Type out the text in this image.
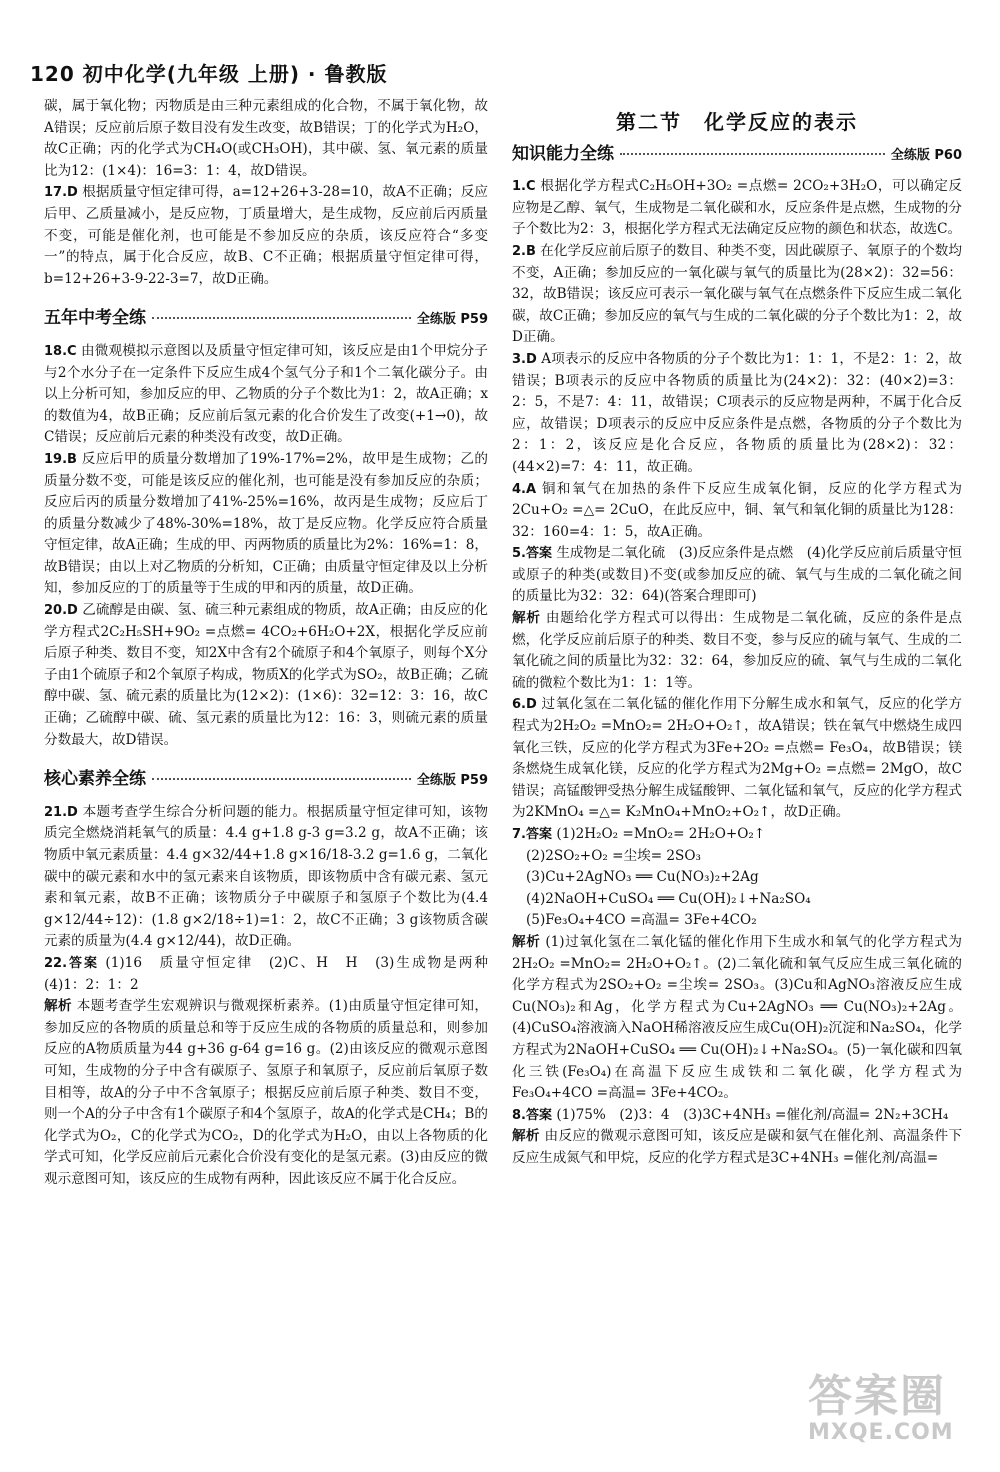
120 初中化学(九年级 上册) · 鲁教版

碳，属于氧化物；丙物质是由三种元素组成的化合物，不属于氧化物，故A错误；反应前后原子数目没有发生改变，故B错误；丁的化学式为H₂O，故C正确；丙的化学式为CH₄O(或CH₃OH)，其中碳、氢、氧元素的质量比为12：(1×4)：16=3：1：4，故D错误。

17.D 根据质量守恒定律可得，a=12+26+3-28=10，故A不正确；反应后甲、乙质量减小，是反应物，丁质量增大，是生成物，反应前后丙质量不变，可能是催化剂，也可能是不参加反应的杂质，该反应符合“多变一”的特点，属于化合反应，故B、C不正确；根据质量守恒定律可得，b=12+26+3-9-22-3=7，故D正确。

五年中考全练	全练版 P59

18.C 由微观模拟示意图以及质量守恒定律可知，该反应是由1个甲烷分子与2个水分子在一定条件下反应生成4个氢气分子和1个二氧化碳分子。由以上分析可知，参加反应的甲、乙物质的分子个数比为1：2，故A正确；x的数值为4，故B正确；反应前后氢元素的化合价发生了改变(+1→0)，故C错误；反应前后元素的种类没有改变，故D正确。

19.B 反应后甲的质量分数增加了19%-17%=2%，故甲是生成物；乙的质量分数不变，可能是该反应的催化剂，也可能是没有参加反应的杂质；反应后丙的质量分数增加了41%-25%=16%，故丙是生成物；反应后丁的质量分数减少了48%-30%=18%，故丁是反应物。化学反应符合质量守恒定律，故A正确；生成的甲、丙两物质的质量比为2%：16%=1：8，故B错误；由以上对乙物质的分析知，C正确；由质量守恒定律及以上分析知，参加反应的丁的质量等于生成的甲和丙的质量，故D正确。

20.D 乙硫醇是由碳、氢、硫三种元素组成的物质，故A正确；由反应的化学方程式2C₂H₅SH+9O₂ =点燃= 4CO₂+6H₂O+2X，根据化学反应前后原子种类、数目不变，知2X中含有2个硫原子和4个氧原子，则每个X分子由1个硫原子和2个氧原子构成，物质X的化学式为SO₂，故B正确；乙硫醇中碳、氢、硫元素的质量比为(12×2)：(1×6)：32=12：3：16，故C正确；乙硫醇中碳、硫、氢元素的质量比为12：16：3，则硫元素的质量分数最大，故D错误。

核心素养全练	全练版 P59

21.D 本题考查学生综合分析问题的能力。根据质量守恒定律可知，该物质完全燃烧消耗氧气的质量：4.4 g+1.8 g-3 g=3.2 g，故A不正确；该物质中氧元素质量：4.4 g×32/44+1.8 g×16/18-3.2 g=1.6 g，二氧化碳中的碳元素和水中的氢元素来自该物质，即该物质中含有碳元素、氢元素和氧元素，故B不正确；该物质分子中碳原子和氢原子个数比为(4.4 g×12/44÷12)：(1.8 g×2/18÷1)=1：2，故C不正确；3 g该物质含碳元素的质量为(4.4 g×12/44)，故D正确。

22.答案 (1)16　质量守恒定律　(2)C、H　H　(3)生成物是两种　(4)1：2：1：2

解析 本题考查学生宏观辨识与微观探析素养。(1)由质量守恒定律可知，参加反应的各物质的质量总和等于反应生成的各物质的质量总和，则参加反应的A物质质量为44 g+36 g-64 g=16 g。(2)由该反应的微观示意图可知，生成物的分子中含有碳原子、氢原子和氧原子，反应前后氧原子数目相等，故A的分子中不含氧原子；根据反应前后原子种类、数目不变，则一个A的分子中含有1个碳原子和4个氢原子，故A的化学式是CH₄；B的化学式为O₂，C的化学式为CO₂，D的化学式为H₂O，由以上各物质的化学式可知，化学反应前后元素化合价没有变化的是氢元素。(3)由反应的微观示意图可知，该反应的生成物有两种，因此该反应不属于化合反应。

第二节　化学反应的表示
知识能力全练	全练版 P60

1.C 根据化学方程式C₂H₅OH+3O₂ =点燃= 2CO₂+3H₂O，可以确定反应物是乙醇、氧气，生成物是二氧化碳和水，反应条件是点燃，生成物的分子个数比为2：3，根据化学方程式无法确定反应物的颜色和状态，故选C。

2.B 在化学反应前后原子的数目、种类不变，因此碳原子、氧原子的个数均不变，A正确；参加反应的一氧化碳与氧气的质量比为(28×2)：32=56：32，故B错误；该反应可表示一氧化碳与氧气在点燃条件下反应生成二氧化碳，故C正确；参加反应的氧气与生成的二氧化碳的分子个数比为1：2，故D正确。

3.D A项表示的反应中各物质的分子个数比为1：1：1，不是2：1：2，故错误；B项表示的反应中各物质的质量比为(24×2)：32：(40×2)=3：2：5，不是7：4：11，故错误；C项表示的反应物是两种，不属于化合反应，故错误；D项表示的反应中反应条件是点燃，各物质的分子个数比为2：1：2，该反应是化合反应，各物质的质量比为(28×2)：32：(44×2)=7：4：11，故正确。

4.A 铜和氧气在加热的条件下反应生成氧化铜，反应的化学方程式为2Cu+O₂ =△= 2CuO，在此反应中，铜、氧气和氧化铜的质量比为128：32：160=4：1：5，故A正确。

5.答案 生成物是二氧化硫　(3)反应条件是点燃　(4)化学反应前后质量守恒或原子的种类(或数目)不变(或参加反应的硫、氧气与生成的二氧化硫之间的质量比为32：32：64)(答案合理即可)

解析 由题给化学方程式可以得出：生成物是二氧化硫，反应的条件是点燃，化学反应前后原子的种类、数目不变，参与反应的硫与氧气、生成的二氧化硫之间的质量比为32：32：64，参加反应的硫、氧气与生成的二氧化硫的微粒个数比为1：1：1等。

6.D 过氧化氢在二氧化锰的催化作用下分解生成水和氧气，反应的化学方程式为2H₂O₂ =MnO₂= 2H₂O+O₂↑，故A错误；铁在氧气中燃烧生成四氧化三铁，反应的化学方程式为3Fe+2O₂ =点燃= Fe₃O₄，故B错误；镁条燃烧生成氧化镁，反应的化学方程式为2Mg+O₂ =点燃= 2MgO，故C错误；高锰酸钾受热分解生成锰酸钾、二氧化锰和氧气，反应的化学方程式为2KMnO₄ =△= K₂MnO₄+MnO₂+O₂↑，故D正确。

7.答案 (1)2H₂O₂ =MnO₂= 2H₂O+O₂↑

(2)2SO₂+O₂ =尘埃= 2SO₃

(3)Cu+2AgNO₃ ══ Cu(NO₃)₂+2Ag

(4)2NaOH+CuSO₄ ══ Cu(OH)₂↓+Na₂SO₄

(5)Fe₃O₄+4CO =高温= 3Fe+4CO₂

解析 (1)过氧化氢在二氧化锰的催化作用下生成水和氧气的化学方程式为2H₂O₂ =MnO₂= 2H₂O+O₂↑。(2)二氧化硫和氧气反应生成三氧化硫的化学方程式为2SO₂+O₂ =尘埃= 2SO₃。(3)Cu和AgNO₃溶液反应生成Cu(NO₃)₂和Ag，化学方程式为Cu+2AgNO₃ ══ Cu(NO₃)₂+2Ag。(4)CuSO₄溶液滴入NaOH稀溶液反应生成Cu(OH)₂沉淀和Na₂SO₄，化学方程式为2NaOH+CuSO₄ ══ Cu(OH)₂↓+Na₂SO₄。(5)一氧化碳和四氧化三铁(Fe₃O₄)在高温下反应生成铁和二氧化碳，化学方程式为Fe₃O₄+4CO =高温= 3Fe+4CO₂。

8.答案 (1)75%　(2)3：4　(3)3C+4NH₃ =催化剂/高温= 2N₂+3CH₄

解析 由反应的微观示意图可知，该反应是碳和氨气在催化剂、高温条件下反应生成氮气和甲烷，反应的化学方程式是3C+4NH₃ =催化剂/高温=

答案圈
MXQE.COM
